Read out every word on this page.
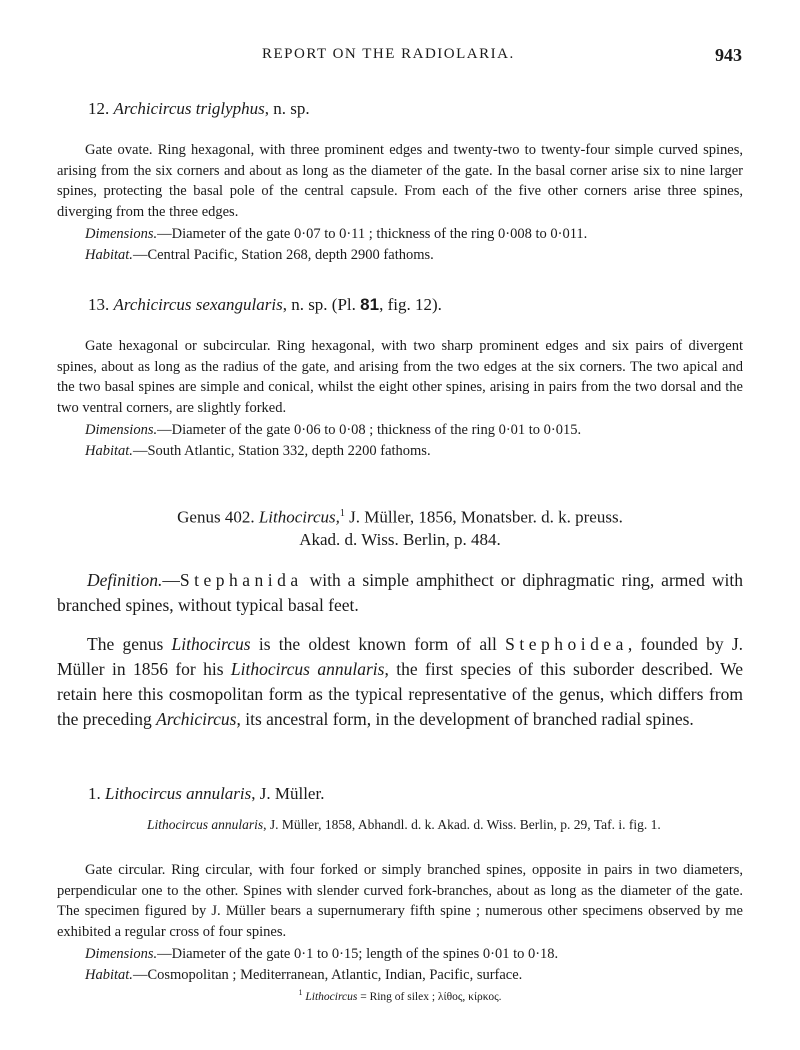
REPORT ON THE RADIOLARIA.	943
12. Archicircus triglyphus, n. sp.
Gate ovate. Ring hexagonal, with three prominent edges and twenty-two to twenty-four simple curved spines, arising from the six corners and about as long as the diameter of the gate. In the basal corner arise six to nine larger spines, protecting the basal pole of the central capsule. From each of the five other corners arise three spines, diverging from the three edges.
Dimensions.—Diameter of the gate 0·07 to 0·11 ; thickness of the ring 0·008 to 0·011.
Habitat.—Central Pacific, Station 268, depth 2900 fathoms.
13. Archicircus sexangularis, n. sp. (Pl. 81, fig. 12).
Gate hexagonal or subcircular. Ring hexagonal, with two sharp prominent edges and six pairs of divergent spines, about as long as the radius of the gate, and arising from the two edges at the six corners. The two apical and the two basal spines are simple and conical, whilst the eight other spines, arising in pairs from the two dorsal and the two ventral corners, are slightly forked.
Dimensions.—Diameter of the gate 0·06 to 0·08 ; thickness of the ring 0·01 to 0·015.
Habitat.—South Atlantic, Station 332, depth 2200 fathoms.
Genus 402. Lithocircus,$^1$ J. Müller, 1856, Monatsber. d. k. preuss.
Akad. d. Wiss. Berlin, p. 484.
Definition.—Stephanida with a simple amphithect or diphragmatic ring, armed with branched spines, without typical basal feet.
The genus Lithocircus is the oldest known form of all Stephoidea, founded by J. Müller in 1856 for his Lithocircus annularis, the first species of this suborder described. We retain here this cosmopolitan form as the typical representative of the genus, which differs from the preceding Archicircus, its ancestral form, in the development of branched radial spines.
1. Lithocircus annularis, J. Müller.
Lithocircus annularis, J. Müller, 1858, Abhandl. d. k. Akad. d. Wiss. Berlin, p. 29, Taf. i. fig. 1.
Gate circular. Ring circular, with four forked or simply branched spines, opposite in pairs in two diameters, perpendicular one to the other. Spines with slender curved fork-branches, about as long as the diameter of the gate. The specimen figured by J. Müller bears a supernumerary fifth spine ; numerous other specimens observed by me exhibited a regular cross of four spines.
Dimensions.—Diameter of the gate 0·1 to 0·15; length of the spines 0·01 to 0·18.
Habitat.—Cosmopolitan ; Mediterranean, Atlantic, Indian, Pacific, surface.
$^1$ Lithocircus = Ring of silex ; λίθος, κίρκος.
